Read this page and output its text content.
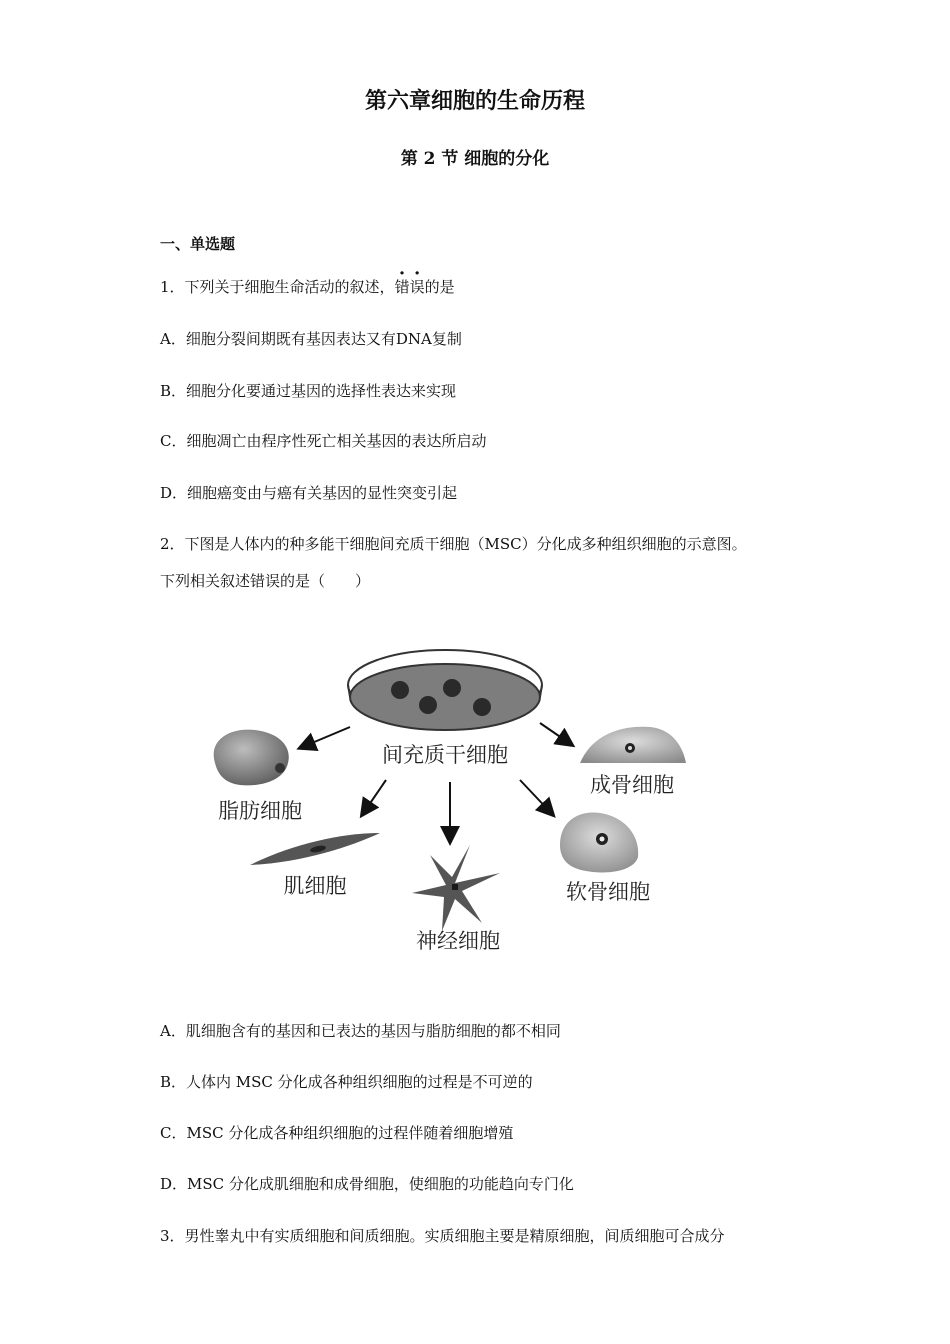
第六章细胞的生命历程
第 2 节 细胞的分化
一、单选题
1．下列关于细胞生命活动的叙述，错误的是
A．细胞分裂间期既有基因表达又有DNA复制
B．细胞分化要通过基因的选择性表达来实现
C．细胞凋亡由程序性死亡相关基因的表达所启动
D．细胞癌变由与癌有关基因的显性突变引起
2．下图是人体内的种多能干细胞间充质干细胞（MSC）分化成多种组织细胞的示意图。
下列相关叙述错误的是（　　）
间充质干细胞
脂肪细胞
肌细胞
神经细胞
成骨细胞
软骨细胞
A．肌细胞含有的基因和已表达的基因与脂肪细胞的都不相同
B．人体内 MSC 分化成各种组织细胞的过程是不可逆的
C．MSC 分化成各种组织细胞的过程伴随着细胞增殖
D．MSC 分化成肌细胞和成骨细胞，使细胞的功能趋向专门化
3．男性睾丸中有实质细胞和间质细胞。实质细胞主要是精原细胞，间质细胞可合成分
